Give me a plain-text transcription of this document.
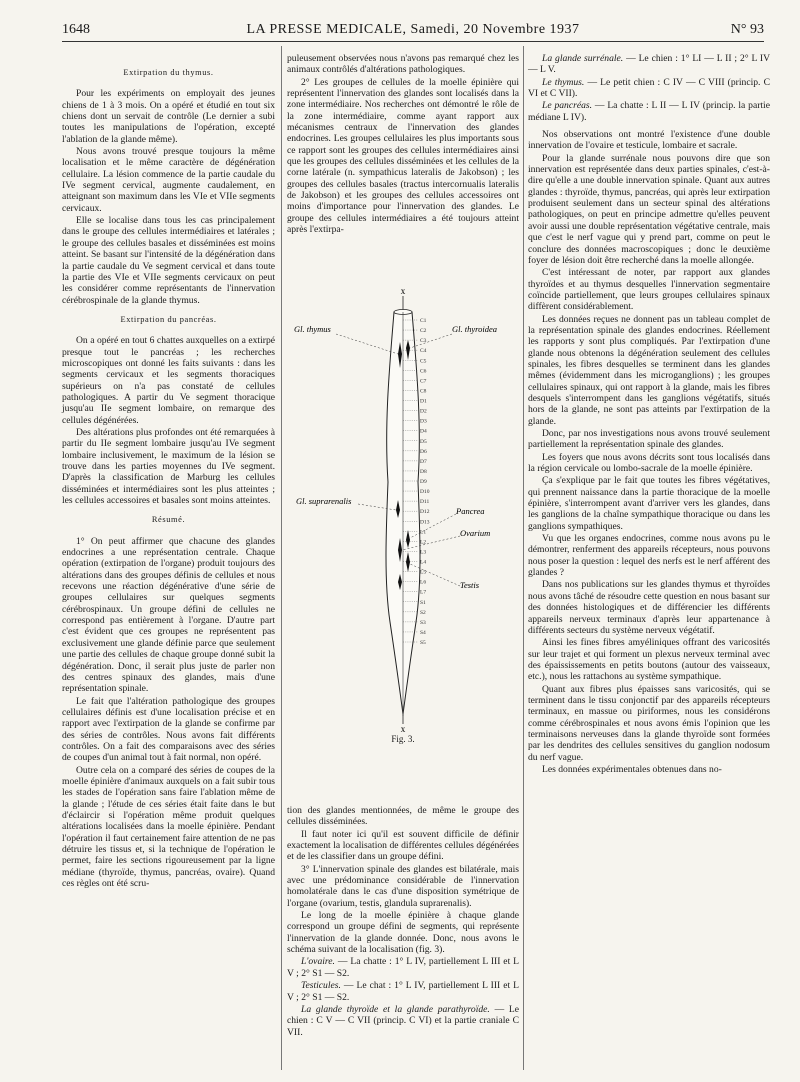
1648	LA PRESSE MEDICALE, Samedi, 20 Novembre 1937	N° 93
Extirpation du thymus.

Pour les expériments on employait des jeunes chiens de 1 à 3 mois. On a opéré et étudié en tout six chiens dont un servait de contrôle (Le dernier a subi toutes les manipulations de l'opération, excepté l'ablation de la glande même).

Nous avons trouvé presque toujours la même localisation et le même caractère de dégénération cellulaire. La lésion commence de la partie caudale du IVe segment cervical, augmente caudalement, en atteignant son maximum dans les VIe et VIIe segments cervicaux.

Elle se localise dans tous les cas principalement dans le groupe des cellules intermédiaires et latérales ; le groupe des cellules basales et disséminées est moins atteint. Se basant sur l'intensité de la dégénération dans la partie caudale du Ve segment cervical et dans toute la partie des VIe et VIIe segments cervicaux on peut les considérer comme représentants de l'innervation cérébrospinale de la glande thymus.

Extirpation du pancréas.

On a opéré en tout 6 chattes auxquelles on a extirpé presque tout le pancréas ; les recherches microscopiques ont donné les faits suivants : dans les segments cervicaux et les segments thoraciques supérieurs on n'a pas constaté de cellules pathologiques. A partir du Ve segment thoracique jusqu'au IIe segment lombaire, on remarque des cellules dégénérées.

Des altérations plus profondes ont été remarquées à partir du IIe segment lombaire jusqu'au IVe segment lombaire inclusivement, le maximum de la lésion se trouve dans les parties moyennes du IVe segment. D'après la classification de Marburg les cellules disséminées et intermédiaires sont les plus atteintes ; les cellules accessoires et basales sont moins atteintes.

Résumé.

1° On peut affirmer que chacune des glandes endocrines a une représentation centrale. Chaque opération (extirpation de l'organe) produit toujours des altérations dans des groupes définis de cellules et nous recevons une réaction dégénérative d'une série de groupes cellulaires sur quelques segments cérébrospinaux. Un groupe défini de cellules ne correspond pas entièrement à l'organe. D'autre part c'est évident que ces groupes ne représentent pas exclusivement une glande définie parce que seulement une partie des cellules de chaque groupe donné subit la dégénération. Donc, il serait plus juste de parler non des centres spinaux des glandes, mais d'une représentation spinale.

Le fait que l'altération pathologique des groupes cellulaires définis est d'une localisation précise et en rapport avec l'extirpation de la glande se confirme par des séries de contrôles. Nous avons fait différents contrôles. On a fait des comparaisons avec des séries de coupes d'un animal tout à fait normal, non opéré.

Outre cela on a comparé des séries de coupes de la moelle épinière d'animaux auxquels on a fait subir tous les stades de l'opération sans faire l'ablation même de la glande ; l'étude de ces séries était faite dans le but d'éclaircir si l'opération même produit quelques altérations localisées dans la moelle épinière. Pendant l'opération il faut certainement faire attention de ne pas détruire les tissus et, si la technique de l'opération le permet, faire les sections rigoureusement par la ligne médiane (thyroïde, thymus, pancréas, ovaire). Quand ces règles ont été scru-

puleusement observées nous n'avons pas remarqué chez les animaux contrôlés d'altérations pathologiques.

2° Les groupes de cellules de la moelle épinière qui représentent l'innervation des glandes sont localisés dans la zone intermédiaire. Nos recherches ont démontré le rôle de la zone intermédiaire, comme ayant rapport aux mécanismes centraux de l'innervation des glandes endocrines. Les groupes cellulaires les plus importants sous ce rapport sont les groupes des cellules intermédiaires ainsi que les groupes des cellules disséminées et les cellules de la corne latérale (n. sympathicus lateralis de Jakobson) ; les groupes des cellules basales (tractus intercornualis lateralis de Jakobson) et les groupes des cellules accessoires ont moins d'importance pour l'innervation des glandes. Le groupe des cellules intermédiaires a été toujours atteint après l'extirpa-

x
C1
C2
C3
C4
C5
C6
C7
C8
D1
D2
D3
D4
D5
D6
D7
D8
D9
D10
D11
D12
D13
L1
L2
L3
L4
L5
L6
L7
S1
S2
S3
S4
S5
Gl. thymus	Gl. thyroidea
Gl. suprarenalis
Pancrea
Ovarium
Testis
x
Fig. 3.

tion des glandes mentionnées, de même le groupe des cellules disséminées.

Il faut noter ici qu'il est souvent difficile de définir exactement la localisation de différentes cellules dégénérées et de les classifier dans un groupe défini.

3° L'innervation spinale des glandes est bilatérale, mais avec une prédominance considérable de l'innervation homolatérale dans le cas d'une disposition symétrique de l'organe (ovarium, testis, glandula suprarenalis).

Le long de la moelle épinière à chaque glande correspond un groupe défini de segments, qui représente l'innervation de la glande donnée. Donc, nous avons le schéma suivant de la localisation (fig. 3).

L'ovaire. — La chatte : 1° L IV, partiellement L III et L V ; 2° S1 — S2.

Testicules. — Le chat : 1° L IV, partiellement L III et L V ; 2° S1 — S2.

La glande thyroïde et la glande parathyroïde. — Le chien : C V — C VII (princip. C VI) et la partie craniale C VII.

La glande surrénale. — Le chien : 1° LI — L II ; 2° L IV — L V.

Le thymus. — Le petit chien : C IV — C VIII (princip. C VI et C VII).

Le pancréas. — La chatte : L II — L IV (princip. la partie médiane L IV).

Nos observations ont montré l'existence d'une double innervation de l'ovaire et testicule, lombaire et sacrale.

Pour la glande surrénale nous pouvons dire que son innervation est représentée dans deux parties spinales, c'est-à-dire qu'elle a une double innervation spinale. Quant aux autres glandes : thyroïde, thymus, pancréas, qui après leur extirpation produisent seulement dans un secteur spinal des altérations pathologiques, on peut en principe admettre qu'elles peuvent avoir aussi une double représentation végétative centrale, mais que c'est le nerf vague qui y prend part, comme on peut le conclure des données macroscopiques ; donc le deuxième foyer de lésion doit être recherché dans la moelle allongée.

C'est intéressant de noter, par rapport aux glandes thyroïdes et au thymus desquelles l'innervation segmentaire coïncide partiellement, que leurs groupes cellulaires spinaux diffèrent considérablement.

Les données reçues ne donnent pas un tableau complet de la représentation spinale des glandes endocrines. Réellement les rapports y sont plus compliqués. Par l'extirpation d'une glande nous obtenons la dégénération seulement des cellules spinales, les fibres desquelles se terminent dans les glandes mêmes (évidemment dans les microganglions) ; les groupes cellulaires spinaux, qui ont rapport à la glande, mais les fibres desquels s'interrompent dans les ganglions végétatifs, situés hors de la glande, ne sont pas atteints par l'extirpation de la glande.

Donc, par nos investigations nous avons trouvé seulement partiellement la représentation spinale des glandes.

Les foyers que nous avons décrits sont tous localisés dans la région cervicale ou lombo-sacrale de la moelle épinière.

Ça s'explique par le fait que toutes les fibres végétatives, qui prennent naissance dans la partie thoracique de la moelle épinière, s'interrompent avant d'arriver vers les glandes, dans les ganglions de la chaîne sympathique thoracique ou dans les ganglions sympathiques.

Vu que les organes endocrines, comme nous avons pu le démontrer, renferment des appareils récepteurs, nous pouvons nous poser la question : lequel des nerfs est le nerf afférent des glandes ?

Dans nos publications sur les glandes thymus et thyroïdes nous avons tâché de résoudre cette question en nous basant sur des données histologiques et de différencier les différents appareils nerveux terminaux d'après leur appartenance à différents secteurs du système nerveux végétatif.

Ainsi les fines fibres amyéliniques offrant des varicosités sur leur trajet et qui forment un plexus nerveux terminal avec des épaississements en petits boutons (autour des vaisseaux, etc.), nous les rattachons au système sympathique.

Quant aux fibres plus épaisses sans varicosités, qui se terminent dans le tissu conjonctif par des appareils récepteurs terminaux, en massue ou piriformes, nous les considérons comme cérébrospinales et nous avons émis l'opinion que les terminaisons nerveuses dans la glande thyroïde sont formées par les dendrites des cellules sensitives du ganglion nodosum du nerf vague.

Les données expérimentales obtenues dans no-
